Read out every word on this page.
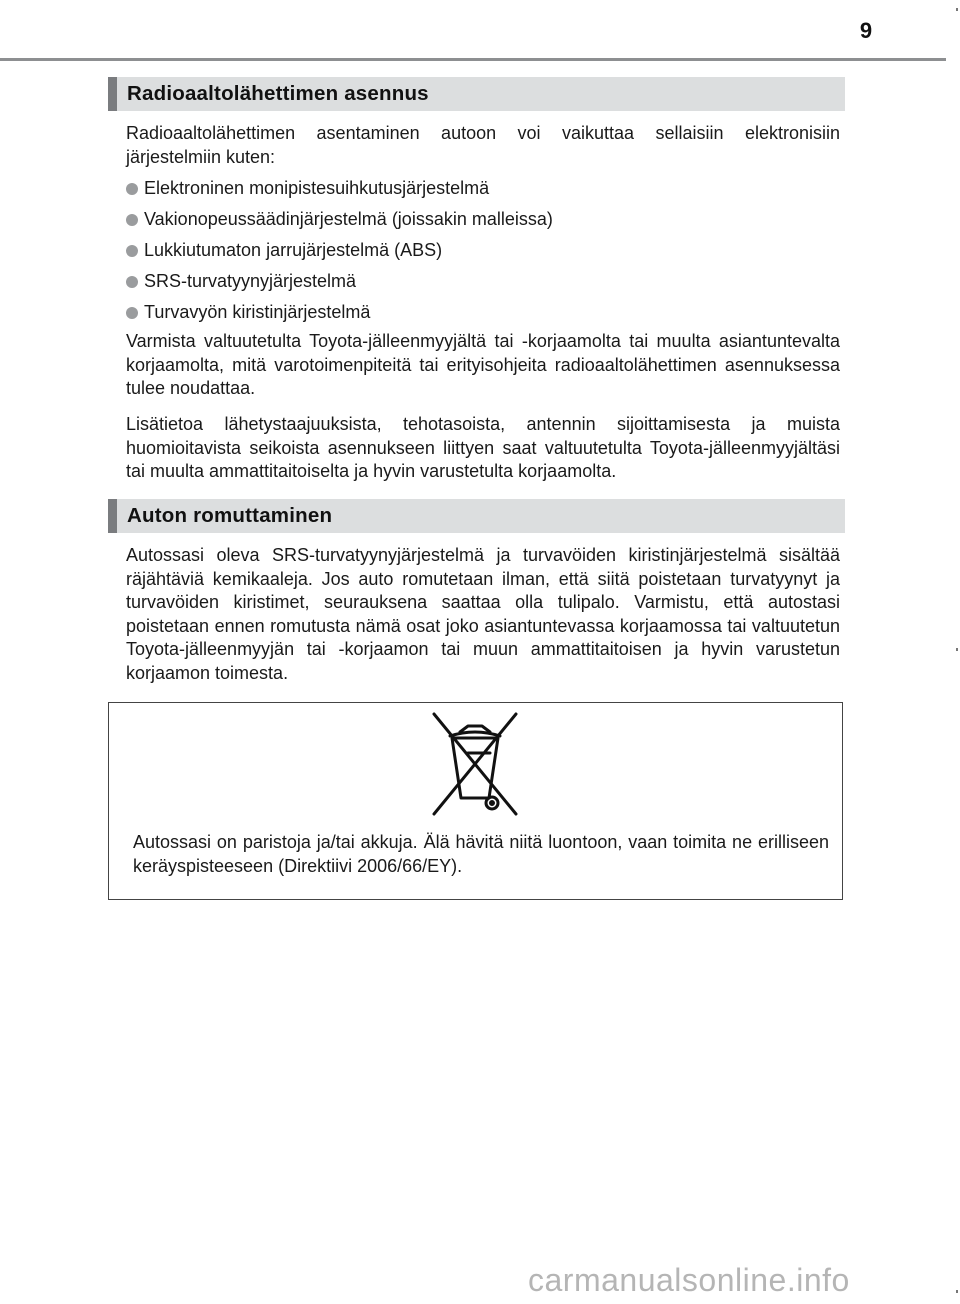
9
Radioaaltolähettimen asennus

Radioaaltolähettimen asentaminen autoon voi vaikuttaa sellaisiin elektronisiin järjestelmiin kuten:

Elektroninen monipistesuihkutusjärjestelmä
Vakionopeussäädinjärjestelmä (joissakin malleissa)
Lukkiutumaton jarrujärjestelmä (ABS)
SRS-turvatyynyjärjestelmä
Turvavyön kiristinjärjestelmä

Varmista valtuutetulta Toyota-jälleenmyyjältä tai -korjaamolta tai muulta asiantuntevalta korjaamolta, mitä varotoimenpiteitä tai erityisohjeita radioaaltolähettimen asennuksessa tulee noudattaa.

Lisätietoa lähetystaajuuksista, tehotasoista, antennin sijoittamisesta ja muista huomioitavista seikoista asennukseen liittyen saat valtuutetulta Toyota-jälleenmyyjältäsi tai muulta ammattitaitoiselta ja hyvin varustetulta korjaamolta.

Auton romuttaminen

Autossasi oleva SRS-turvatyynyjärjestelmä ja turvavöiden kiristinjärjestelmä sisältää räjähtäviä kemikaaleja. Jos auto romutetaan ilman, että siitä poistetaan turvatyynyt ja turvavöiden kiristimet, seurauksena saattaa olla tulipalo. Varmistu, että autostasi poistetaan ennen romutusta nämä osat joko asiantuntevassa korjaamossa tai valtuutetun Toyota-jälleenmyyjän tai -korjaamon tai muun ammattitaitoisen ja hyvin varustetun korjaamon toimesta.

Autossasi on paristoja ja/tai akkuja. Älä hävitä niitä luontoon, vaan toimita ne erilliseen keräyspisteeseen (Direktiivi 2006/66/EY).

carmanualsonline.info
